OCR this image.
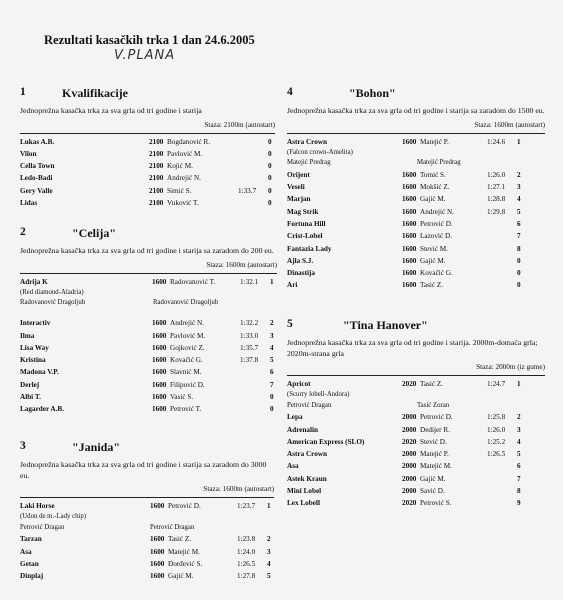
Rezultati kasačkih trka 1 dan 24.6.2005
V.PLANA
1	Kvalifikacije
Jednoprežna kasačka trka za sva grla od tri godine i starija
Staza: 2100m (autostart)
Lukas A.B.	2100 Bogdanović R.	0
Vilon	2100 Pavlović M.	0
Cella Town	2100 Kojić M.	0
Ledo-Badi	2100 Andrejić N.	0
Gery Valle	2100 Simić S.	1:33.7 0
Lidas	2100 Vuković T.	0
2	"Celija"
Jednoprežna kasačka trka za sva grla od tri godine i starija sa zaradom do 200 eu.
Staza: 1600m (autostart)
Adrija K	1600 Radovanović T.	1:32.1 1
(Red diamond-Aladria)
Radovanović Dragoljub	Radovanović Dragoljub
Interactiv	1600 Andrejić N.	1:32.2 2
Ilma	1600 Pavlović M.	1:33.0 3
Lisa Way	1600 Gojković Z.	1:35.7 4
Kristina	1600 Kovačić G.	1:37.8 5
Madona V.P.	1600 Slavnić M.	6
Derlej	1600 Filipović D.	7
Albi T.	1600 Vasić S.	0
Lagarder A.B.	1600 Petrović T.	0
3	"Janida"
Jednoprežna kasačka trka za sva grla od tri godine i starija sa zaradom do 3000 eu.
Staza: 1600m (autostart)
Laki Horse	1600 Petrović D.	1:23.7 1
(Udon de m.-Lady chip)
Petrović Dragan	Petrović Dragan
Tarzan	1600 Tasić Z.	1:23.8 2
Asa	1600 Matejić M.	1:24.0 3
Getan	1600 Đorđević S.	1:26.5 4
Dinplaj	1600 Gajić M.	1:27.8 5
4	"Bohon"
Jednoprežna kasačka trka za sva grla od tri godine i starija sa zaradom do 1500 eu.
Staza: 1600m (autostart)
Astra Crown	1600 Matejić P.	1:24.6 1
(Falcon crown-Amelita)
Matejić Predrag	Matejić Predrag
Orijent	1600 Tomić S.	1:26.0 2
Veseli	1600 Mokšić Z.	1:27.1 3
Marjan	1600 Gajić M.	1:28.8 4
Mag Strik	1600 Andrejić N.	1:29.8 5
Fortuna Hill	1600 Petrović D.	6
Crist-Lobel	1600 Lazović D.	7
Fantazia Lady	1600 Stević M.	8
Ajla S.J.	1600 Gajić M.	0
Dinastija	1600 Kovačić G.	0
Ari	1600 Tasić Z.	0
5	"Tina Hanover"
Jednoprežna kasačka trka za sva grla od tri godine i starija. 2000m-domaća grla; 2020m-strana grla
Staza: 2000m (iz gume)
Apricot	2020 Tasić Z.	1:24.7 1
(Scurry lobell-Andora)
Petrović Dragan	Tasić Zoran
Lepa	2000 Petrović D.	1:25.8 2
Adrenalin	2000 Dedijer R.	1:26.0 3
American Express (SLO)	2020 Stević D.	1:25.2 4
Astra Crown	2000 Matejić P.	1:26.5 5
Asa	2000 Matejić M.	6
Astek Kraun	2000 Gajić M.	7
Mini Lobel	2000 Savić D.	8
Lex Lobell	2020 Petrović S.	9
